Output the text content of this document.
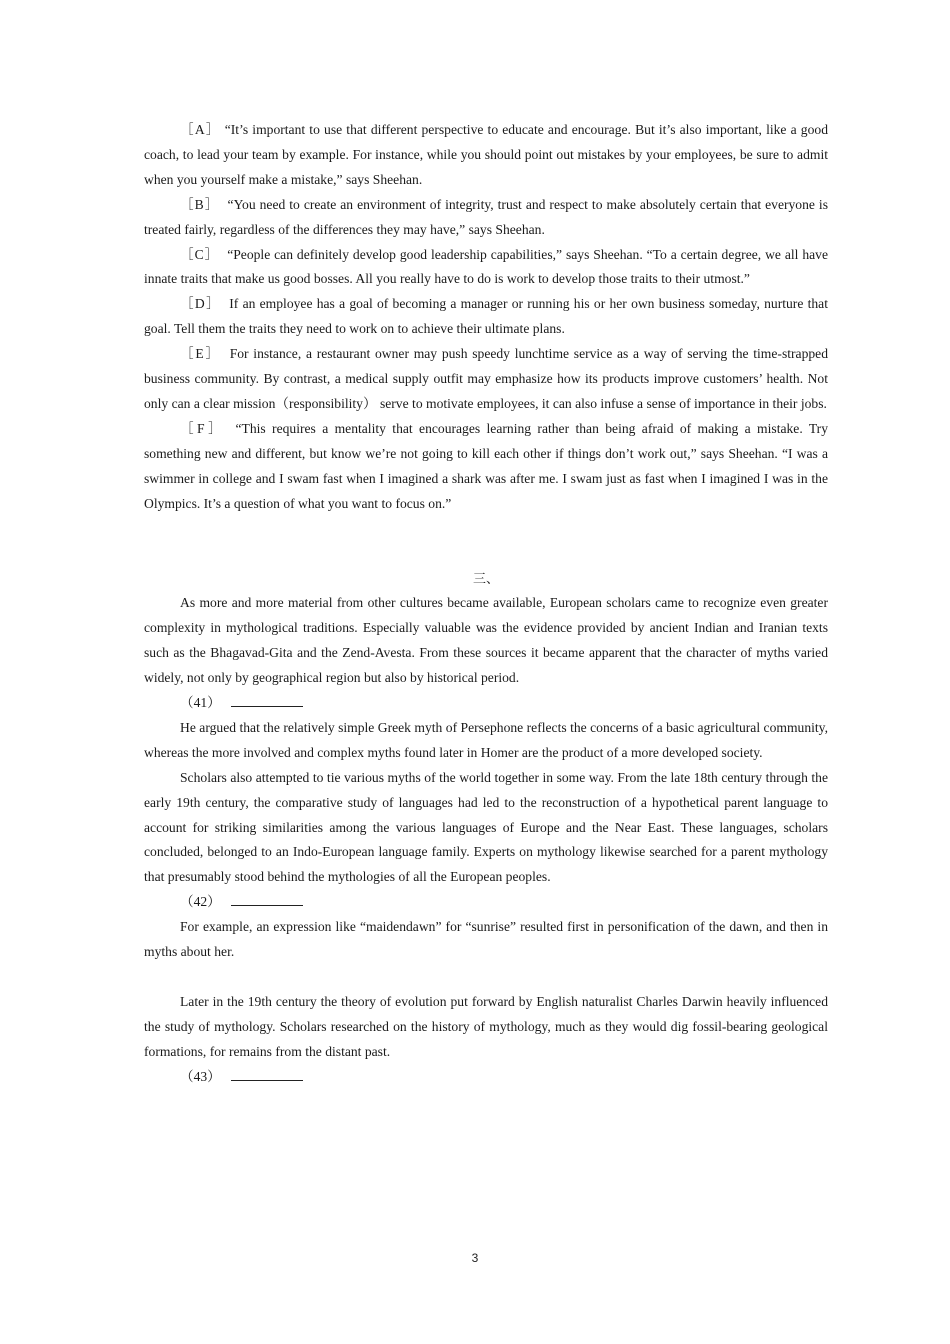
［A］ “It’s important to use that different perspective to educate and encourage. But it’s also important, like a good coach, to lead your team by example. For instance, while you should point out mistakes by your employees, be sure to admit when you yourself make a mistake,” says Sheehan.

［B］ “You need to create an environment of integrity, trust and respect to make absolutely certain that everyone is treated fairly, regardless of the differences they may have,” says Sheehan.

［C］ “People can definitely develop good leadership capabilities,” says Sheehan. “To a certain degree, we all have innate traits that make us good bosses. All you really have to do is work to develop those traits to their utmost.”

［D］ If an employee has a goal of becoming a manager or running his or her own business someday, nurture that goal. Tell them the traits they need to work on to achieve their ultimate plans.

［E］ For instance, a restaurant owner may push speedy lunchtime service as a way of serving the time-strapped business community. By contrast, a medical supply outfit may emphasize how its products improve customers’ health. Not only can a clear mission（responsibility） serve to motivate employees, it can also infuse a sense of importance in their jobs.

［F］ “This requires a mentality that encourages learning rather than being afraid of making a mistake. Try something new and different, but know we’re not going to kill each other if things don’t work out,” says Sheehan. “I was a swimmer in college and I swam fast when I imagined a shark was after me. I swam just as fast when I imagined I was in the Olympics. It’s a question of what you want to focus on.”

三、

As more and more material from other cultures became available, European scholars came to recognize even greater complexity in mythological traditions. Especially valuable was the evidence provided by ancient Indian and Iranian texts such as the Bhagavad-Gita and the Zend-Avesta. From these sources it became apparent that the character of myths varied widely, not only by geographical region but also by historical period.

（41）

He argued that the relatively simple Greek myth of Persephone reflects the concerns of a basic agricultural community, whereas the more involved and complex myths found later in Homer are the product of a more developed society.

Scholars also attempted to tie various myths of the world together in some way. From the late 18th century through the early 19th century, the comparative study of languages had led to the reconstruction of a hypothetical parent language to account for striking similarities among the various languages of Europe and the Near East. These languages, scholars concluded, belonged to an Indo-European language family. Experts on mythology likewise searched for a parent mythology that presumably stood behind the mythologies of all the European peoples.

（42）

For example, an expression like “maidendawn” for “sunrise” resulted first in personification of the dawn, and then in myths about her.

Later in the 19th century the theory of evolution put forward by English naturalist Charles Darwin heavily influenced the study of mythology. Scholars researched on the history of mythology, much as they would dig fossil-bearing geological formations, for remains from the distant past.

（43）

3
